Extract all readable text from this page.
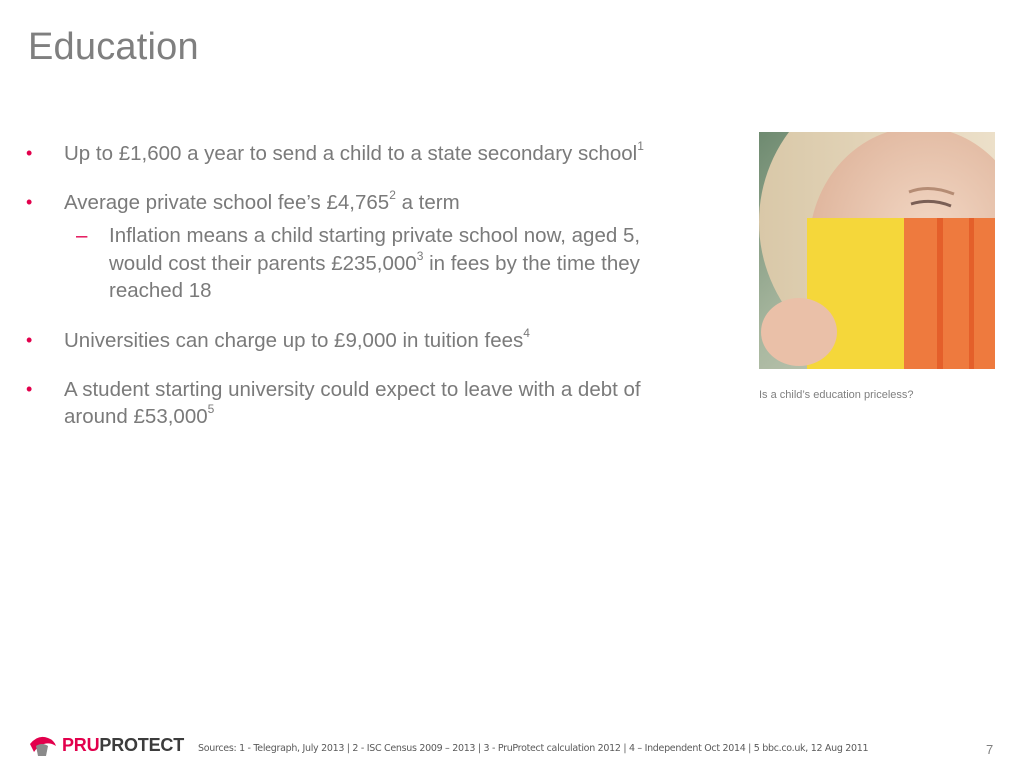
Education
• Up to £1,600 a year to send a child to a state secondary school$^1$
• Average private school fee’s £4,765$^2$ a term
– Inflation means a child starting private school now, aged 5, would cost their parents £235,000$^3$ in fees by the time they reached 18
• Universities can charge up to £9,000 in tuition fees$^4$
• A student starting university could expect to leave with a debt of around £53,000$^5$
Is a child’s education priceless?
PRUPROTECT Sources: 1 - Telegraph, July 2013 | 2 - ISC Census 2009 – 2013 | 3 - PruProtect calculation 2012 | 4 – Independent Oct 2014 | 5 bbc.co.uk, 12 Aug 2011	7
